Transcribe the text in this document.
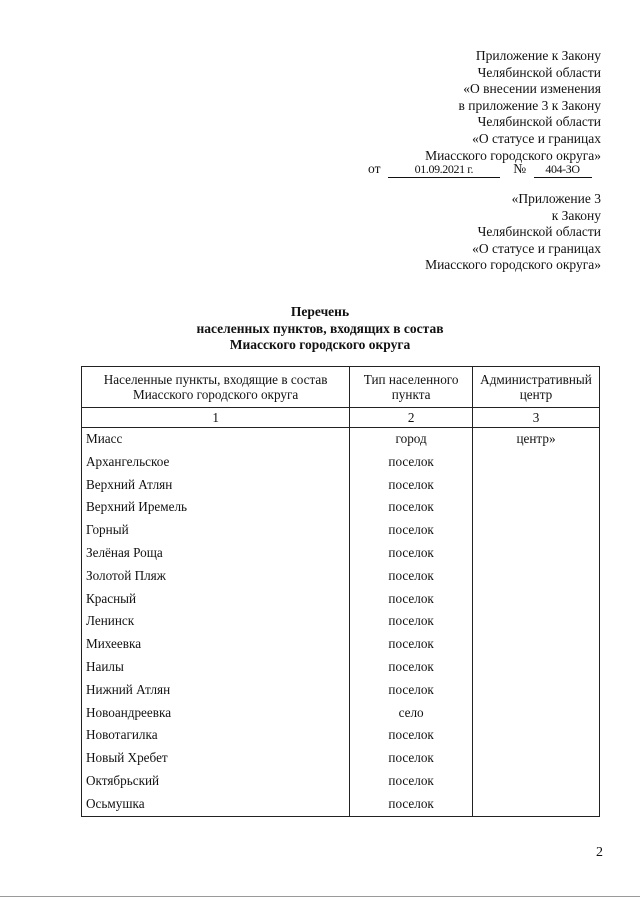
Приложение к Закону
Челябинской области
«О внесении изменения
в приложение 3 к Закону
Челябинской области
«О статусе и границах
Миасского городского округа»
от	01.09.2021 г.	№ 404-ЗО
«Приложение 3
к Закону
Челябинской области
«О статусе и границах
Миасского городского округа»
Перечень
населенных пунктов, входящих в состав
Миасского городского округа
Населенные пункты, входящие в состав Миасского городского округа	Тип населенного пункта	Административный центр
1	2	3
Миасс	город	центр»
Архангельское	поселок	
Верхний Атлян	поселок	
Верхний Иремель	поселок	
Горный	поселок	
Зелёная Роща	поселок	
Золотой Пляж	поселок	
Красный	поселок	
Ленинск	поселок	
Михеевка	поселок	
Наилы	поселок	
Нижний Атлян	поселок	
Новоандреевка	село	
Новотагилка	поселок	
Новый Хребет	поселок	
Октябрьский	поселок	
Осьмушка	поселок	
2
